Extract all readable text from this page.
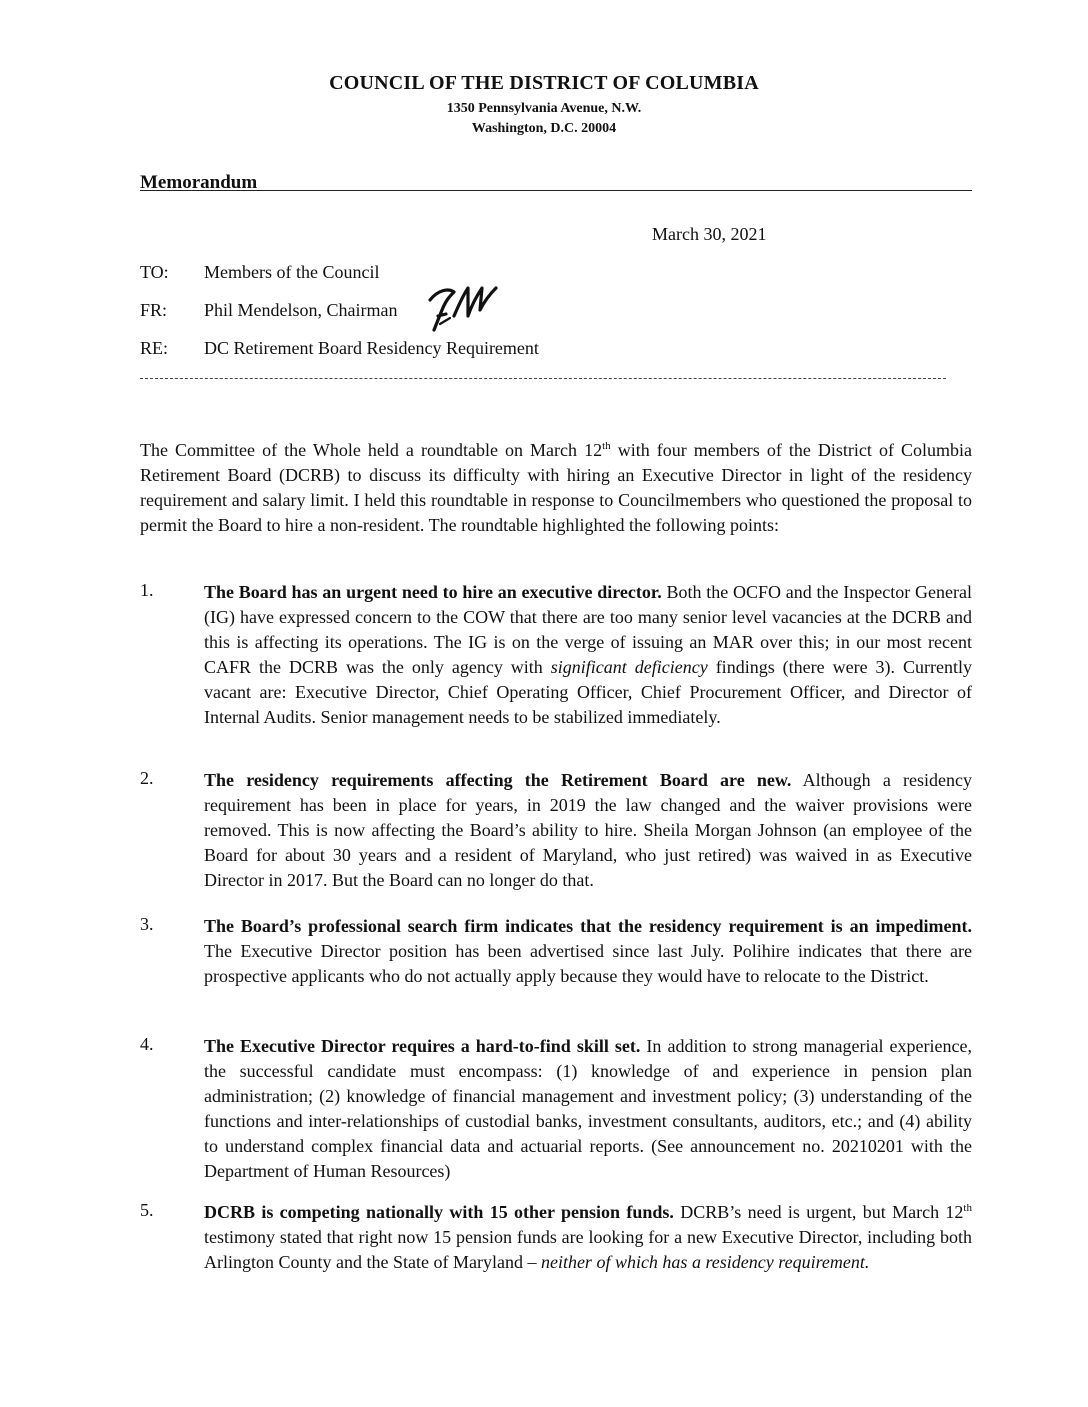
COUNCIL OF THE DISTRICT OF COLUMBIA
1350 Pennsylvania Avenue, N.W.
Washington, D.C. 20004
Memorandum
March 30, 2021
TO: Members of the Council
FR: Phil Mendelson, Chairman
RE: DC Retirement Board Residency Requirement

The Committee of the Whole held a roundtable on March 12th with four members of the District of Columbia Retirement Board (DCRB) to discuss its difficulty with hiring an Executive Director in light of the residency requirement and salary limit. I held this roundtable in response to Councilmembers who questioned the proposal to permit the Board to hire a non-resident. The roundtable highlighted the following points:

1.	The Board has an urgent need to hire an executive director. Both the OCFO and the Inspector General (IG) have expressed concern to the COW that there are too many senior level vacancies at the DCRB and this is affecting its operations. The IG is on the verge of issuing an MAR over this; in our most recent CAFR the DCRB was the only agency with significant deficiency findings (there were 3). Currently vacant are: Executive Director, Chief Operating Officer, Chief Procurement Officer, and Director of Internal Audits. Senior management needs to be stabilized immediately.

2.	The residency requirements affecting the Retirement Board are new. Although a residency requirement has been in place for years, in 2019 the law changed and the waiver provisions were removed. This is now affecting the Board’s ability to hire. Sheila Morgan Johnson (an employee of the Board for about 30 years and a resident of Maryland, who just retired) was waived in as Executive Director in 2017. But the Board can no longer do that.

3.	The Board’s professional search firm indicates that the residency requirement is an impediment. The Executive Director position has been advertised since last July. Polihire indicates that there are prospective applicants who do not actually apply because they would have to relocate to the District.

4.	The Executive Director requires a hard-to-find skill set. In addition to strong managerial experience, the successful candidate must encompass: (1) knowledge of and experience in pension plan administration; (2) knowledge of financial management and investment policy; (3) understanding of the functions and inter-relationships of custodial banks, investment consultants, auditors, etc.; and (4) ability to understand complex financial data and actuarial reports. (See announcement no. 20210201 with the Department of Human Resources)

5.	DCRB is competing nationally with 15 other pension funds. DCRB’s need is urgent, but March 12th testimony stated that right now 15 pension funds are looking for a new Executive Director, including both Arlington County and the State of Maryland – neither of which has a residency requirement.
